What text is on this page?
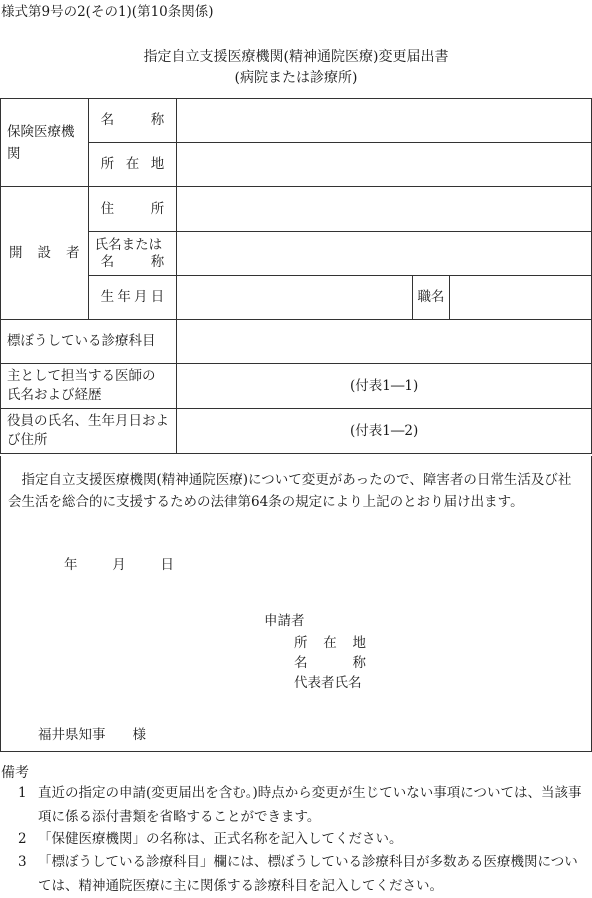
様式第9号の2(その1)(第10条関係)
指定自立支援医療機関(精神通院医療)変更届出書
(病院または診療所)
保険医療機関	名 称			

	所 在 地			

開 設 者	住 所			

	氏名または
名 称			

	生 年 月 日		職名	
標ぼうしている診療科目				

主として担当する医師の
氏名および経歴		(付表1―1)		

役員の氏名、生年月日およ
び住所		(付表1―2)		
指定自立支援医療機関(精神通院医療)について変更があったので、障害者の日常生活及び社会生活を総合的に支援するための法律第64条の規定により上記のとおり届け出ます。
年	月	日
申請者
所 在 地
名	称
代表者氏名
福井県知事　　様
備考
1 直近の指定の申請(変更届出を含む。)時点から変更が生じていない事項については、当該事項に係る添付書類を省略することができます。
2 「保健医療機関」の名称は、正式名称を記入してください。
3 「標ぼうしている診療科目」欄には、標ぼうしている診療科目が多数ある医療機関については、精神通院医療に主に関係する診療科目を記入してください。
